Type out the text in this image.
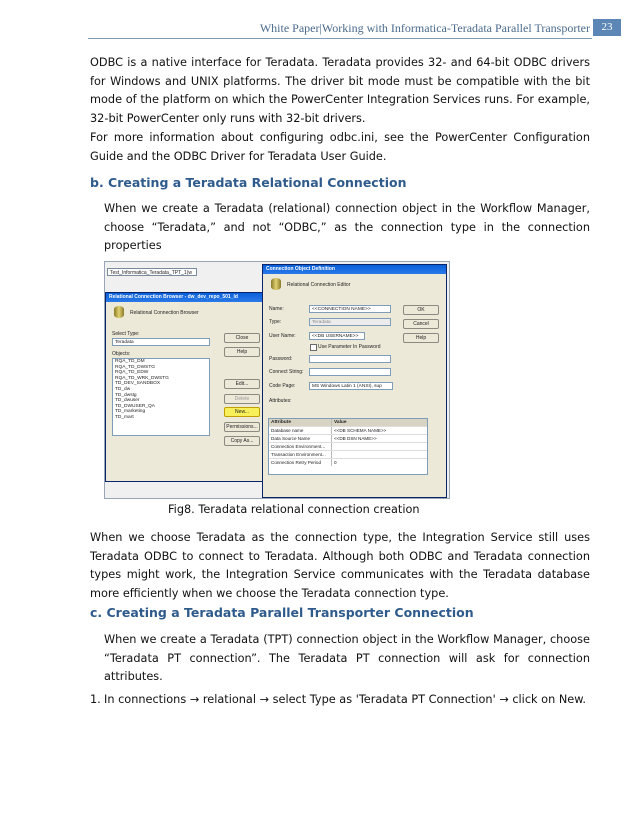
White Paper|Working with Informatica-Teradata Parallel Transporter	23

ODBC is a native interface for Teradata. Teradata provides 32- and 64-bit ODBC drivers for Windows and UNIX platforms. The driver bit mode must be compatible with the bit mode of the platform on which the PowerCenter Integration Services runs. For example, 32-bit PowerCenter only runs with 32-bit drivers.

For more information about configuring odbc.ini, see the PowerCenter Configuration Guide and the ODBC Driver for Teradata User Guide.

b. Creating a Teradata Relational Connection

When we create a Teradata (relational) connection object in the Workflow Manager, choose “Teradata,” and not “ODBC,” as the connection type in the connection properties

Test_Informatica_Teradata_TPT_1(w
Relational Connection Browser - dw_dev_repo_501_ld
Relational Connection Browser
Select Type:
Teradata
Objects:
RQA_TD_DM
RQA_TD_DWSTG
RQA_TD_EDW
RQA_TD_WRK_DWSTG
TD_DEV_SANDBOX
TD_dw
TD_dwstg
TD_dwuser
TD_DWUSER_QA
TD_marketing
TD_mart
Close
Help
Edit...
Delete
New...
Permissions...
Copy As...
Connection Object Definition
Relational Connection Editor
Name:	<<CONNECTION NAME>>
Type:	Teradata
User Name:	<<DB USERNAME>>
Use Parameter In Password
Password:
Connect String:
Code Page:	MS Windows Latin 1 (ANSI), sup
Attributes:
Attribute	Value
Database name	<<DB SCHEMA NAME>>
Data Source Name	<<DB DSN NAME>>
Connection Environment...
Transaction Environment...
Connection Retry Period	0
OK
Cancel
Help

Fig8. Teradata relational connection creation

When we choose Teradata as the connection type, the Integration Service still uses Teradata ODBC to connect to Teradata. Although both ODBC and Teradata connection types might work, the Integration Service communicates with the Teradata database more efficiently when we choose the Teradata connection type.

c. Creating a Teradata Parallel Transporter Connection

When we create a Teradata (TPT) connection object in the Workflow Manager, choose “Teradata PT connection”. The Teradata PT connection will ask for connection attributes.

1. In connections → relational → select Type as 'Teradata PT Connection' → click on New.
